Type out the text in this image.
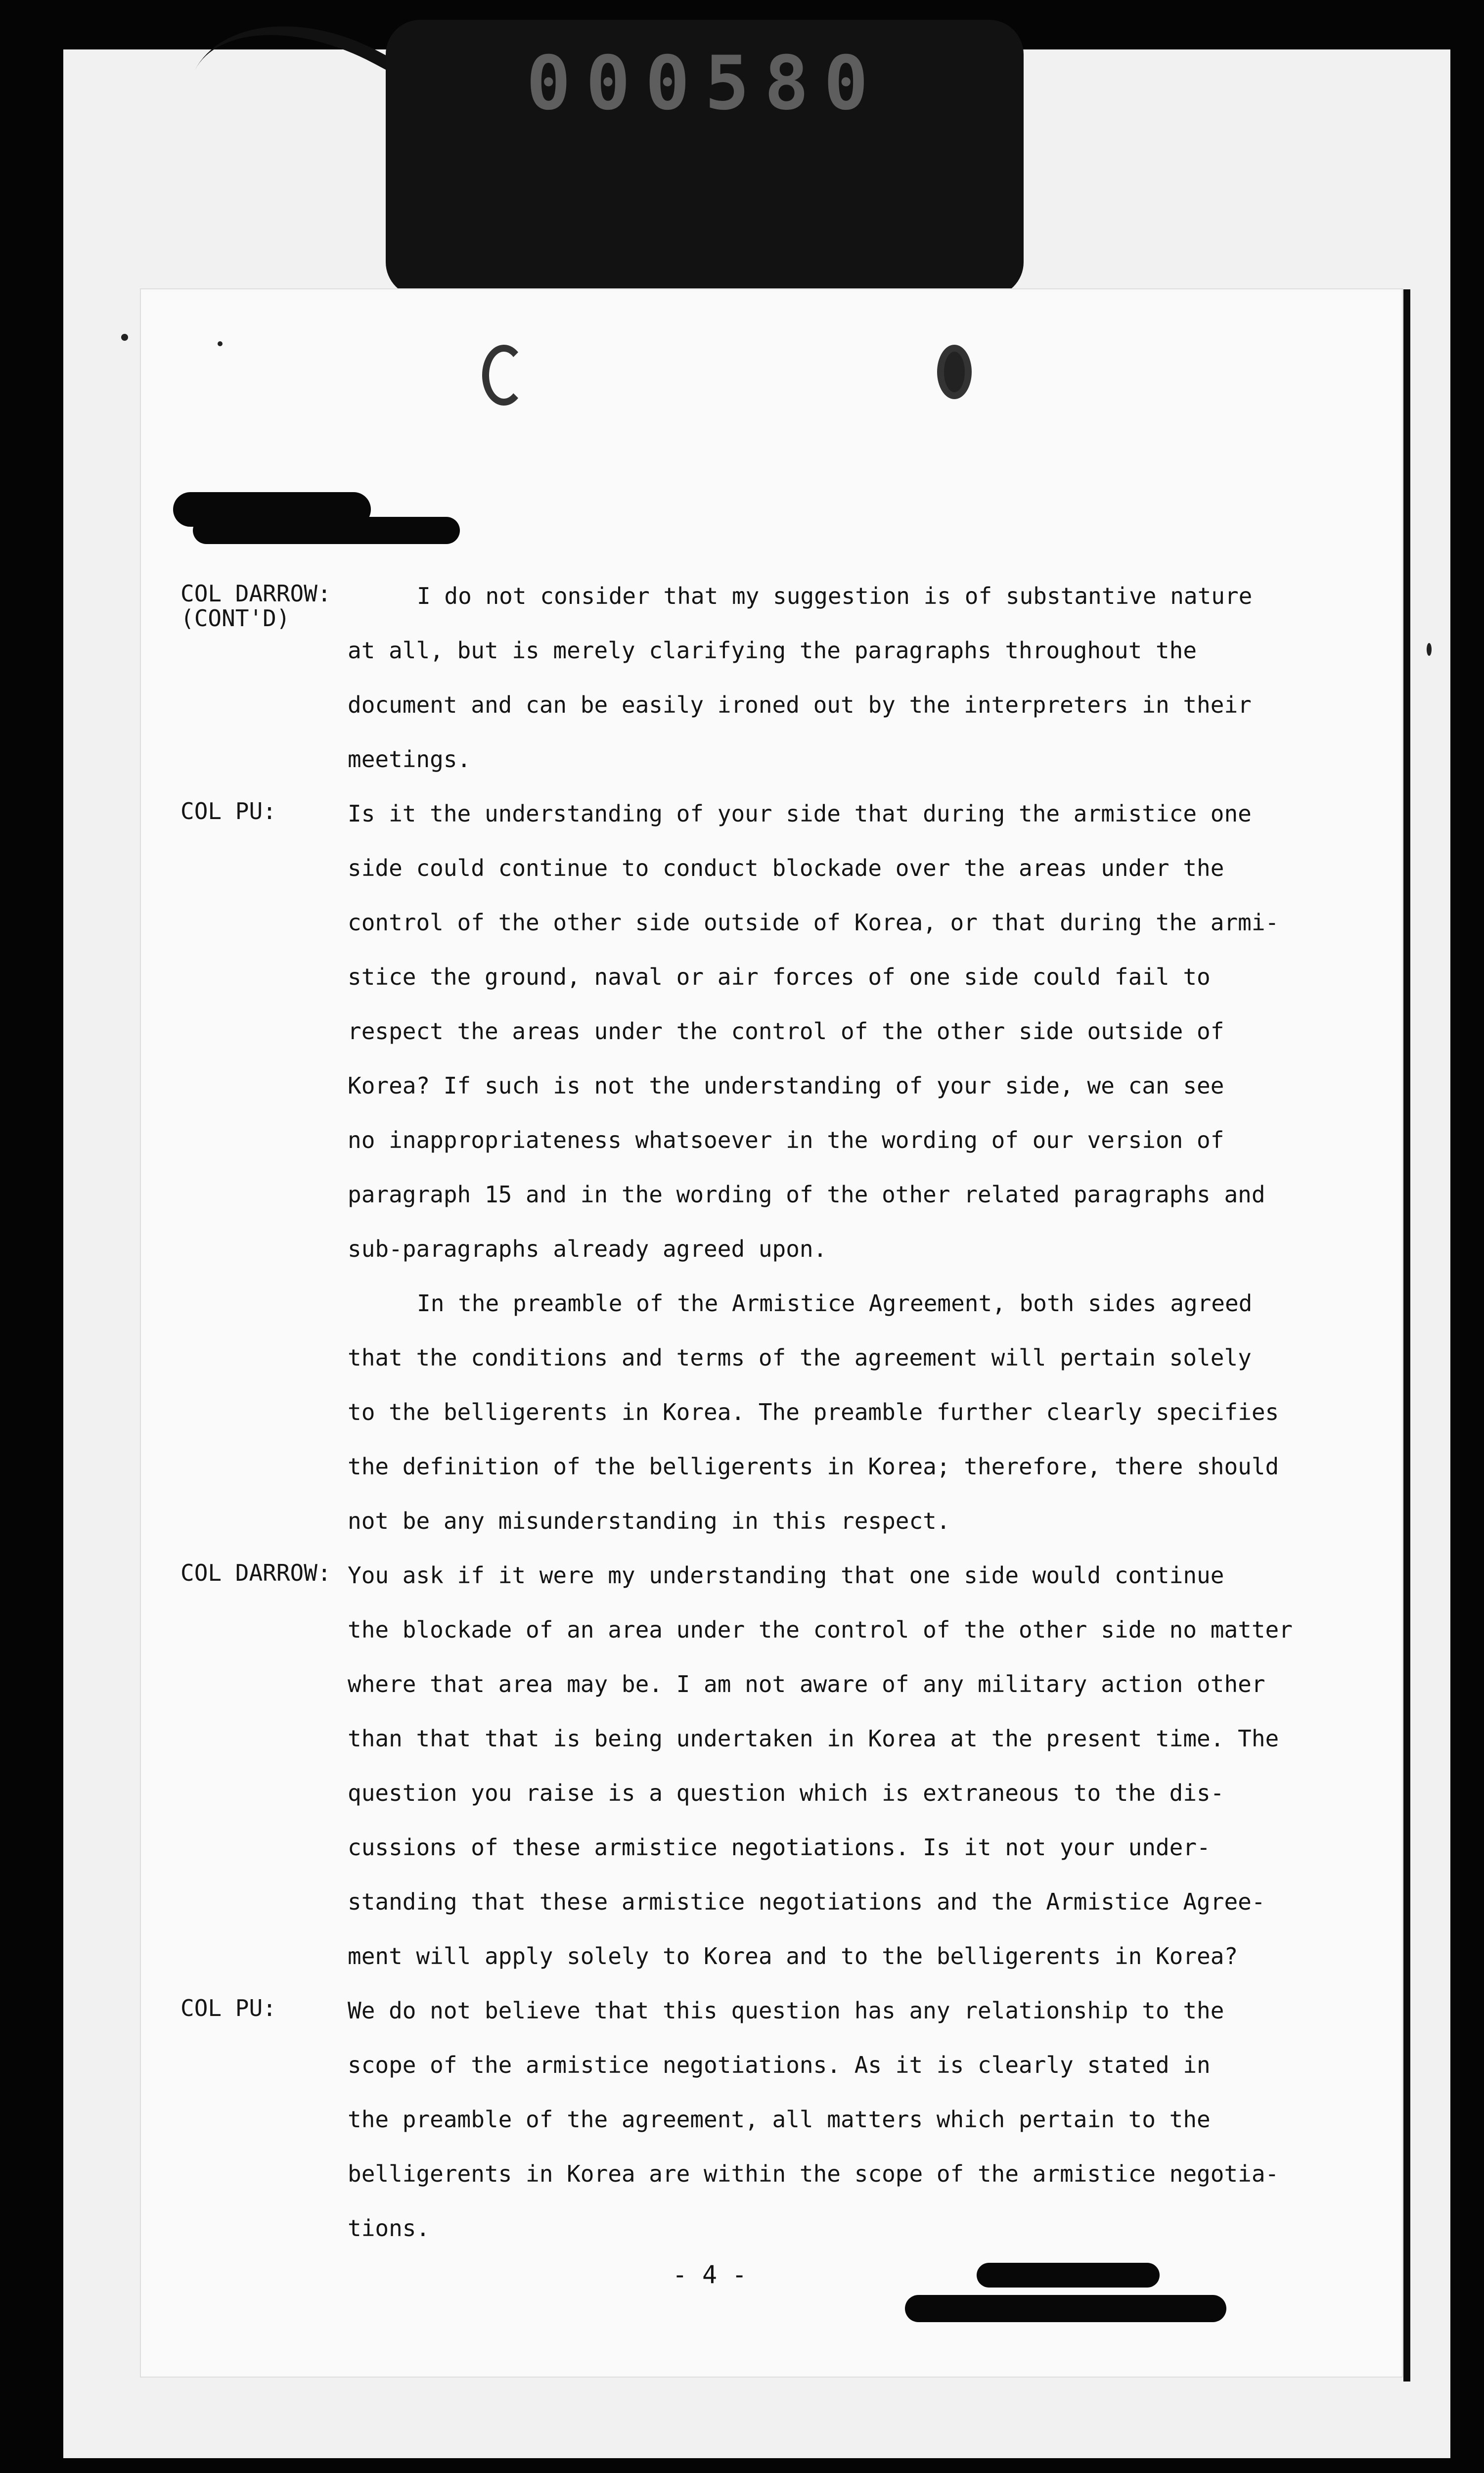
000580
COL DARROW:
(CONT'D)
I do not consider that my suggestion is of substantive nature
at all, but is merely clarifying the paragraphs throughout the
document and can be easily ironed out by the interpreters in their
meetings.
COL PU:	Is it the understanding of your side that during the armistice one
side could continue to conduct blockade over the areas under the
control of the other side outside of Korea, or that during the armi-
stice the ground, naval or air forces of one side could fail to
respect the areas under the control of the other side outside of
Korea? If such is not the understanding of your side, we can see
no inappropriateness whatsoever in the wording of our version of
paragraph 15 and in the wording of the other related paragraphs and
sub-paragraphs already agreed upon.
In the preamble of the Armistice Agreement, both sides agreed
that the conditions and terms of the agreement will pertain solely
to the belligerents in Korea. The preamble further clearly specifies
the definition of the belligerents in Korea; therefore, there should
not be any misunderstanding in this respect.
COL DARROW: You ask if it were my understanding that one side would continue
the blockade of an area under the control of the other side no matter
where that area may be. I am not aware of any military action other
than that that is being undertaken in Korea at the present time. The
question you raise is a question which is extraneous to the dis-
cussions of these armistice negotiations. Is it not your under-
standing that these armistice negotiations and the Armistice Agree-
ment will apply solely to Korea and to the belligerents in Korea?
COL PU:	We do not believe that this question has any relationship to the
scope of the armistice negotiations. As it is clearly stated in
the preamble of the agreement, all matters which pertain to the
belligerents in Korea are within the scope of the armistice negotia-
tions.
- 4 -
